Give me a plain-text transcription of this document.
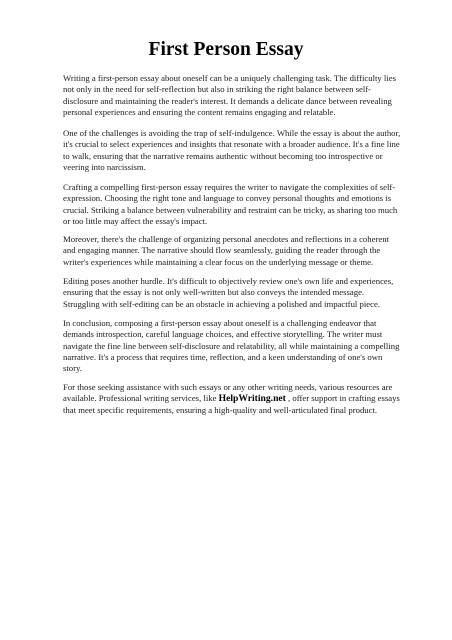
First Person Essay
Writing a first-person essay about oneself can be a uniquely challenging task. The difficulty lies
not only in the need for self-reflection but also in striking the right balance between self-
disclosure and maintaining the reader's interest. It demands a delicate dance between revealing
personal experiences and ensuring the content remains engaging and relatable.
One of the challenges is avoiding the trap of self-indulgence. While the essay is about the author,
it's crucial to select experiences and insights that resonate with a broader audience. It's a fine line
to walk, ensuring that the narrative remains authentic without becoming too introspective or
veering into narcissism.
Crafting a compelling first-person essay requires the writer to navigate the complexities of self-
expression. Choosing the right tone and language to convey personal thoughts and emotions is
crucial. Striking a balance between vulnerability and restraint can be tricky, as sharing too much
or too little may affect the essay's impact.
Moreover, there's the challenge of organizing personal anecdotes and reflections in a coherent
and engaging manner. The narrative should flow seamlessly, guiding the reader through the
writer's experiences while maintaining a clear focus on the underlying message or theme.
Editing poses another hurdle. It's difficult to objectively review one's own life and experiences,
ensuring that the essay is not only well-written but also conveys the intended message.
Struggling with self-editing can be an obstacle in achieving a polished and impactful piece.
In conclusion, composing a first-person essay about oneself is a challenging endeavor that
demands introspection, careful language choices, and effective storytelling. The writer must
navigate the fine line between self-disclosure and relatability, all while maintaining a compelling
narrative. It's a process that requires time, reflection, and a keen understanding of one's own
story.
For those seeking assistance with such essays or any other writing needs, various resources are
available. Professional writing services, like HelpWriting.net , offer support in crafting essays
that meet specific requirements, ensuring a high-quality and well-articulated final product.
